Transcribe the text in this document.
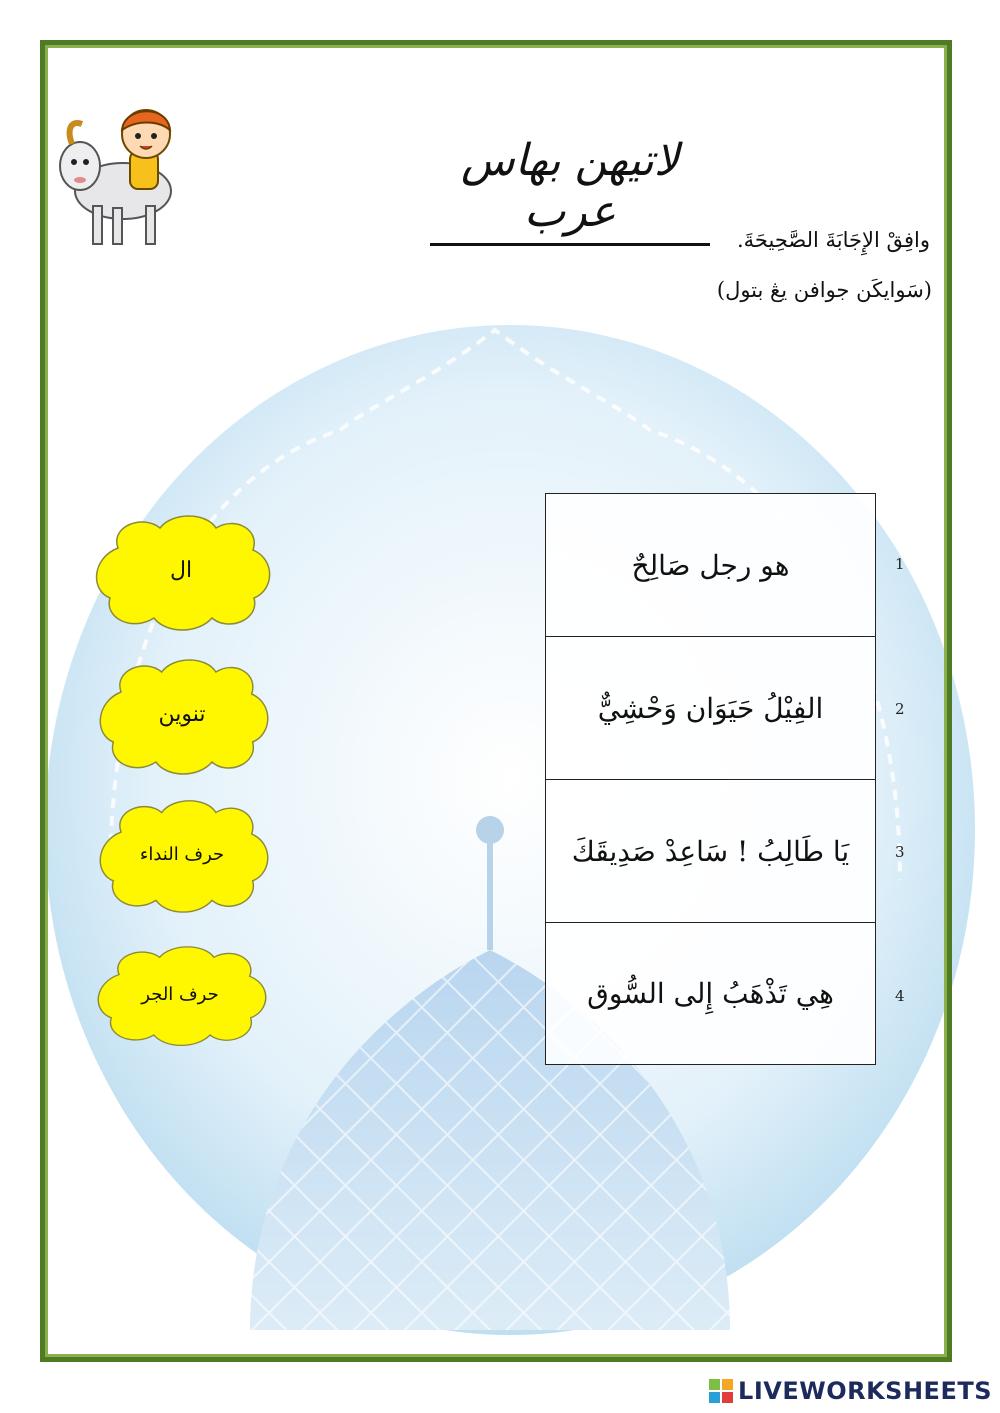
لاتيهن بهاس عرب
وافِقْ الإِجَابَةَ الصَّحِيحَةَ.
(سَوايكَن جوافن يڠ بتول)
هو رجل صَالِحٌ
الفِيْلُ حَيَوَان وَحْشِيٌّ
يَا طَالِبُ ! سَاعِدْ صَدِيقَكَ
هِي تَذْهَبُ إِلى السُّوق
1
2
3
4
ال
تنوين
حرف النداء
حرف الجر
LIVEWORKSHEETS
